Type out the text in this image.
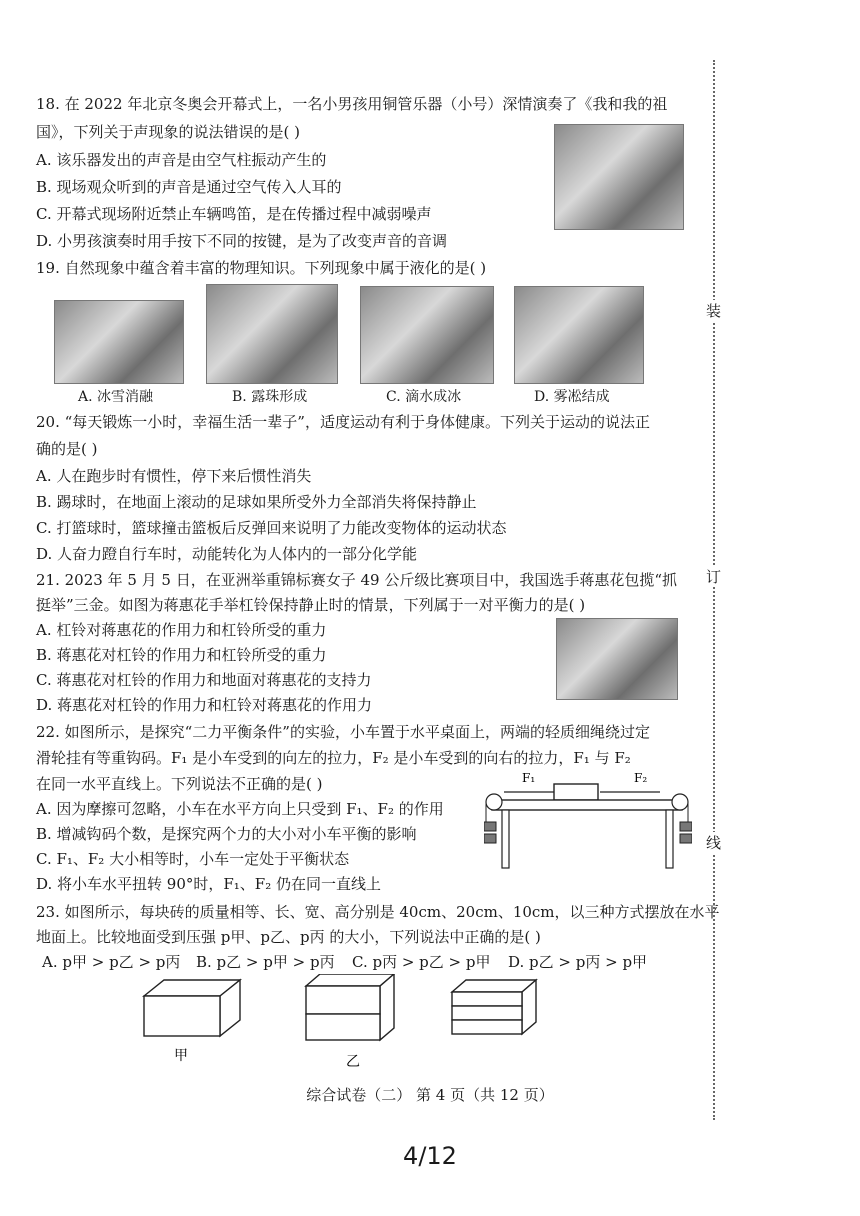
18. 在 2022 年北京冬奥会开幕式上，一名小男孩用铜管乐器（小号）深情演奏了《我和我的祖
国》，下列关于声现象的说法错误的是( )
A. 该乐器发出的声音是由空气柱振动产生的
B. 现场观众听到的声音是通过空气传入人耳的
C. 开幕式现场附近禁止车辆鸣笛，是在传播过程中减弱噪声
D. 小男孩演奏时用手按下不同的按键，是为了改变声音的音调
19. 自然现象中蕴含着丰富的物理知识。下列现象中属于液化的是( )
A. 冰雪消融	B. 露珠形成	C. 滴水成冰	D. 雾凇结成
20. “每天锻炼一小时，幸福生活一辈子”，适度运动有利于身体健康。下列关于运动的说法正
确的是( )
A. 人在跑步时有惯性，停下来后惯性消失
B. 踢球时，在地面上滚动的足球如果所受外力全部消失将保持静止
C. 打篮球时，篮球撞击篮板后反弹回来说明了力能改变物体的运动状态
D. 人奋力蹬自行车时，动能转化为人体内的一部分化学能
21. 2023 年 5 月 5 日，在亚洲举重锦标赛女子 49 公斤级比赛项目中，我国选手蒋惠花包揽“抓
挺举”三金。如图为蒋惠花手举杠铃保持静止时的情景，下列属于一对平衡力的是( )
A. 杠铃对蒋惠花的作用力和杠铃所受的重力
B. 蒋惠花对杠铃的作用力和杠铃所受的重力
C. 蒋惠花对杠铃的作用力和地面对蒋惠花的支持力
D. 蒋惠花对杠铃的作用力和杠铃对蒋惠花的作用力
22. 如图所示，是探究“二力平衡条件”的实验，小车置于水平桌面上，两端的轻质细绳绕过定
滑轮挂有等重钩码。F₁ 是小车受到的向左的拉力，F₂ 是小车受到的向右的拉力，F₁ 与 F₂
在同一水平直线上。下列说法不正确的是( )
A. 因为摩擦可忽略，小车在水平方向上只受到 F₁、F₂ 的作用
B. 增减钩码个数，是探究两个力的大小对小车平衡的影响
C. F₁、F₂ 大小相等时，小车一定处于平衡状态
D. 将小车水平扭转 90°时，F₁、F₂ 仍在同一直线上
F₁	F₂
23. 如图所示，每块砖的质量相等、长、宽、高分别是 40cm、20cm、10cm，以三种方式摆放在水平
地面上。比较地面受到压强 p甲、p乙、p丙 的大小，下列说法中正确的是( )
A. p甲 > p乙 > p丙 B. p乙 > p甲 > p丙 C. p丙 > p乙 > p甲 D. p乙 > p丙 > p甲
甲	乙
装
订
线
综合试卷（二） 第 4 页（共 12 页）
4/12
